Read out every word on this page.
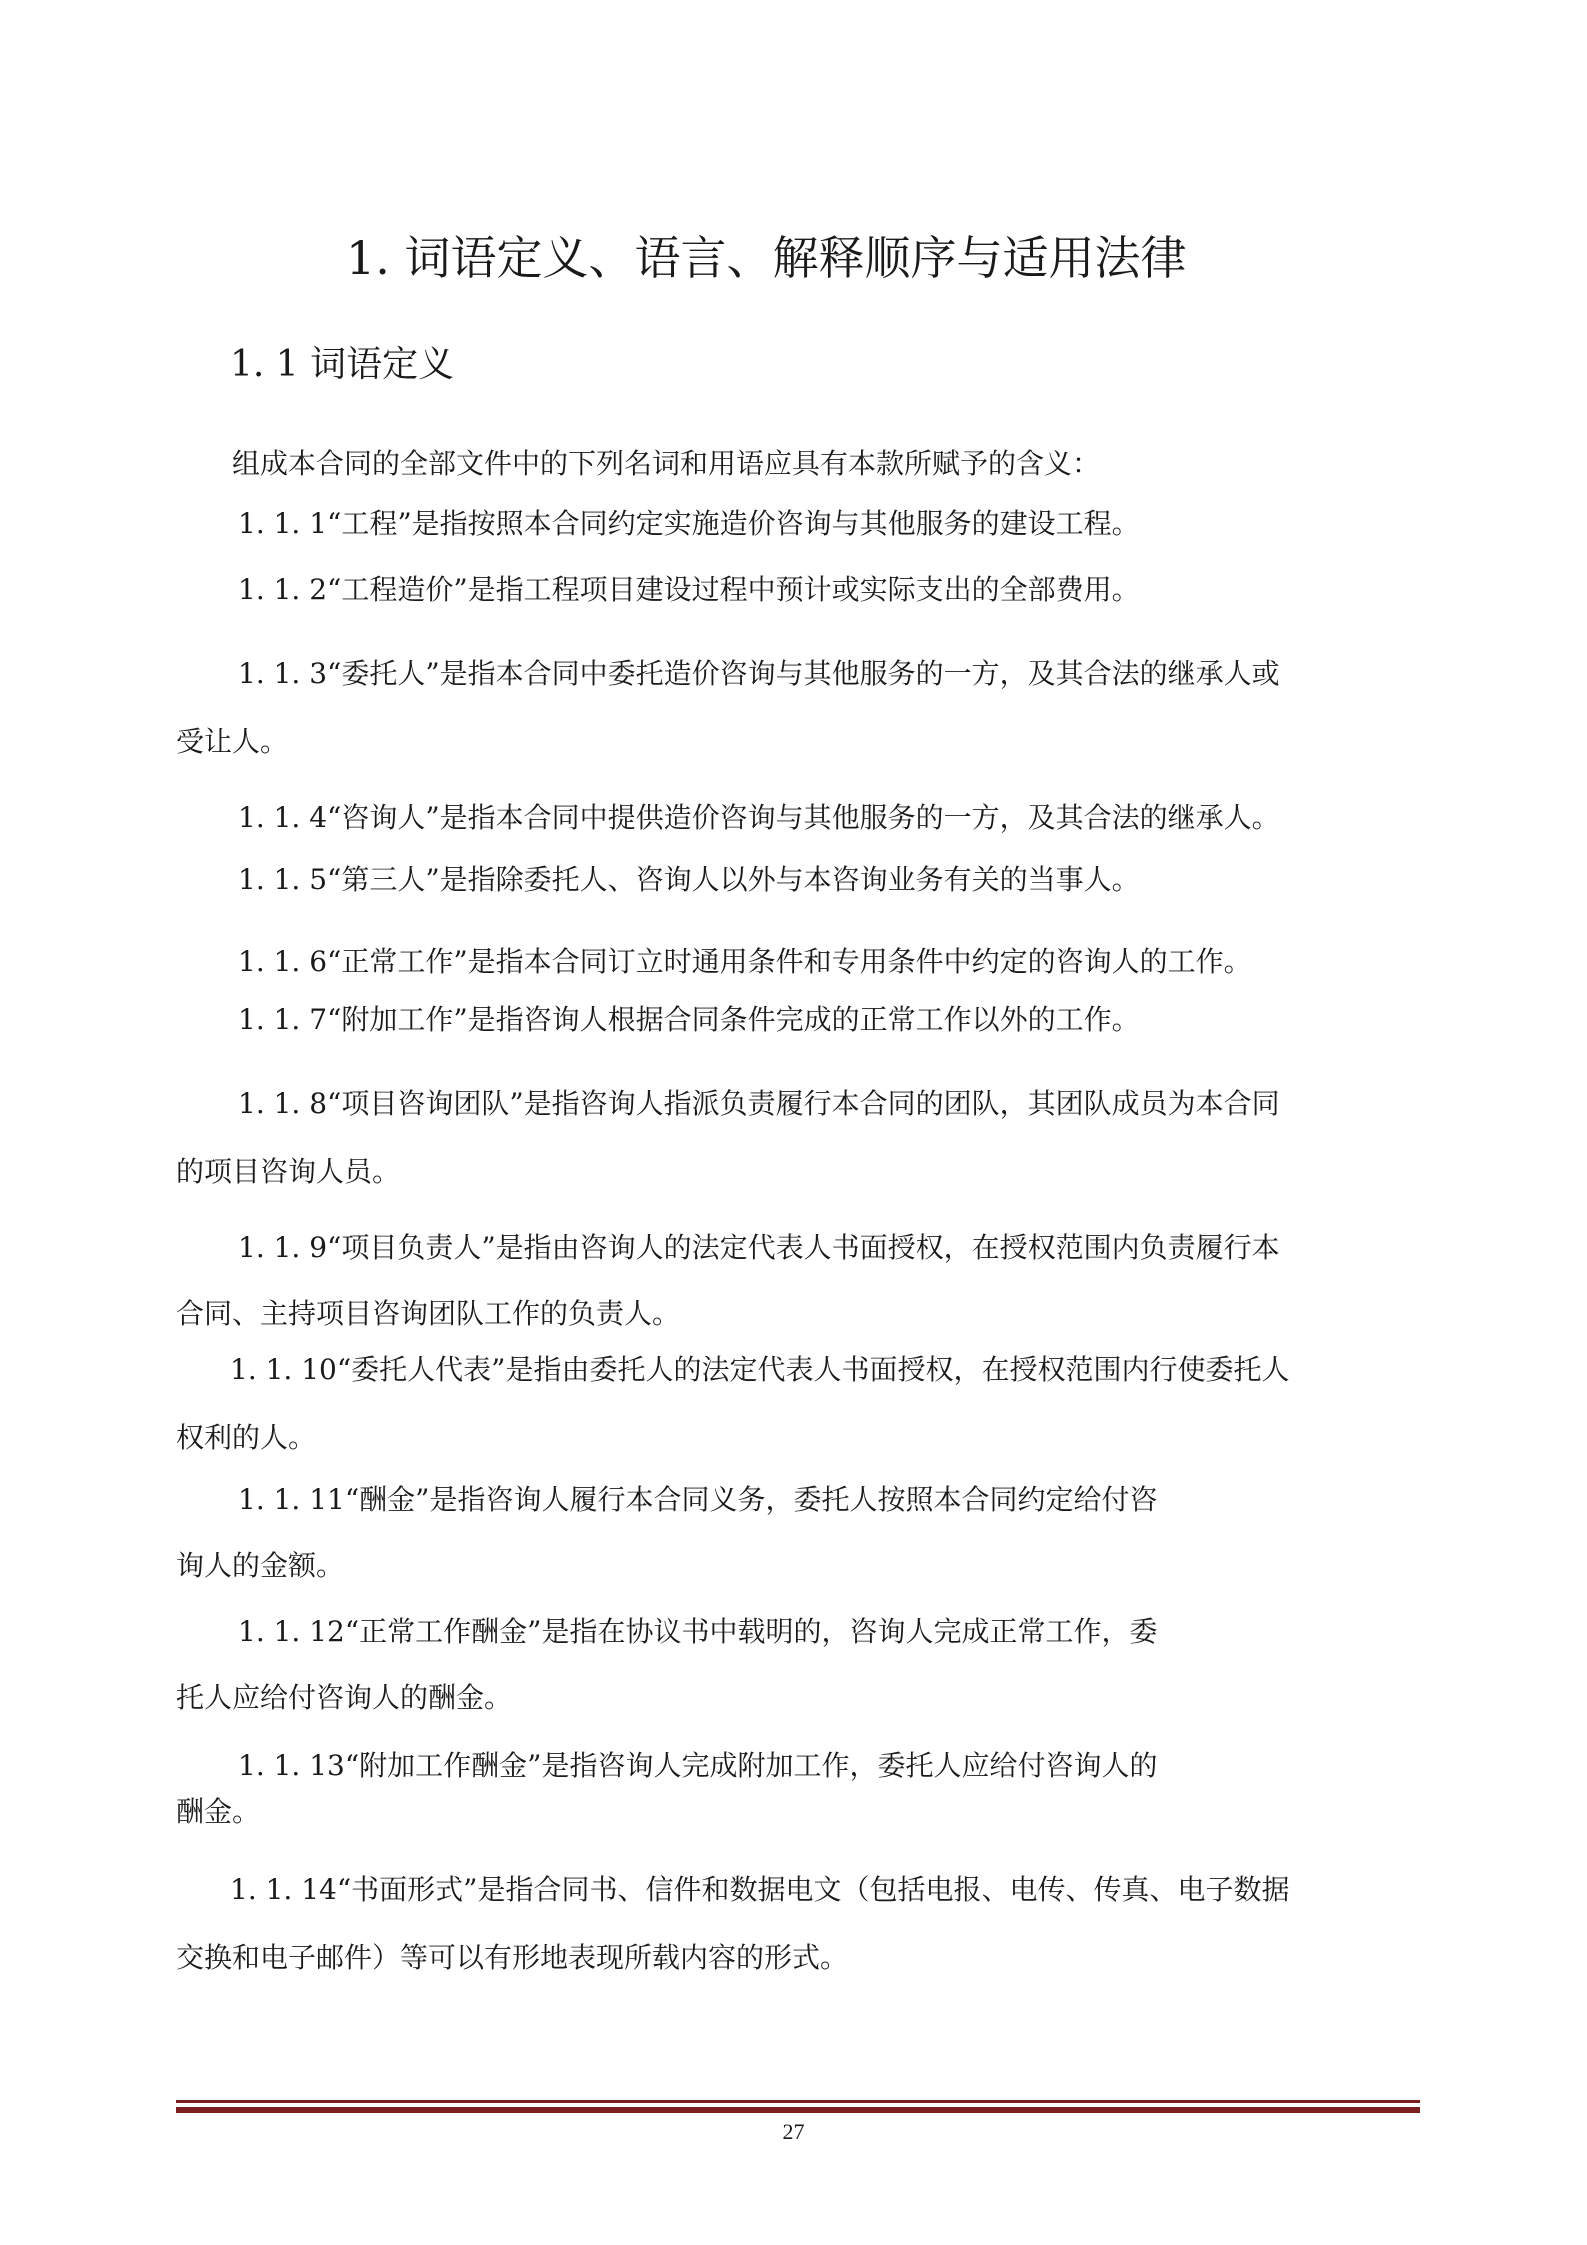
1. 词语定义、语言、解释顺序与适用法律
1. 1 词语定义
组成本合同的全部文件中的下列名词和用语应具有本款所赋予的含义：
1. 1. 1“工程”是指按照本合同约定实施造价咨询与其他服务的建设工程。
1. 1. 2“工程造价”是指工程项目建设过程中预计或实际支出的全部费用。
1. 1. 3“委托人”是指本合同中委托造价咨询与其他服务的一方，及其合法的继承人或
受让人。
1. 1. 4“咨询人”是指本合同中提供造价咨询与其他服务的一方，及其合法的继承人。
1. 1. 5“第三人”是指除委托人、咨询人以外与本咨询业务有关的当事人。
1. 1. 6“正常工作”是指本合同订立时通用条件和专用条件中约定的咨询人的工作。
1. 1. 7“附加工作”是指咨询人根据合同条件完成的正常工作以外的工作。
1. 1. 8“项目咨询团队”是指咨询人指派负责履行本合同的团队，其团队成员为本合同
的项目咨询人员。
1. 1. 9“项目负责人”是指由咨询人的法定代表人书面授权，在授权范围内负责履行本
合同、主持项目咨询团队工作的负责人。
1. 1. 10“委托人代表”是指由委托人的法定代表人书面授权，在授权范围内行使委托人
权利的人。
1. 1. 11“酬金”是指咨询人履行本合同义务，委托人按照本合同约定给付咨
询人的金额。
1. 1. 12“正常工作酬金”是指在协议书中载明的，咨询人完成正常工作，委
托人应给付咨询人的酬金。
1. 1. 13“附加工作酬金”是指咨询人完成附加工作，委托人应给付咨询人的
酬金。
1. 1. 14“书面形式”是指合同书、信件和数据电文（包括电报、电传、传真、电子数据
交换和电子邮件）等可以有形地表现所载内容的形式。
27
